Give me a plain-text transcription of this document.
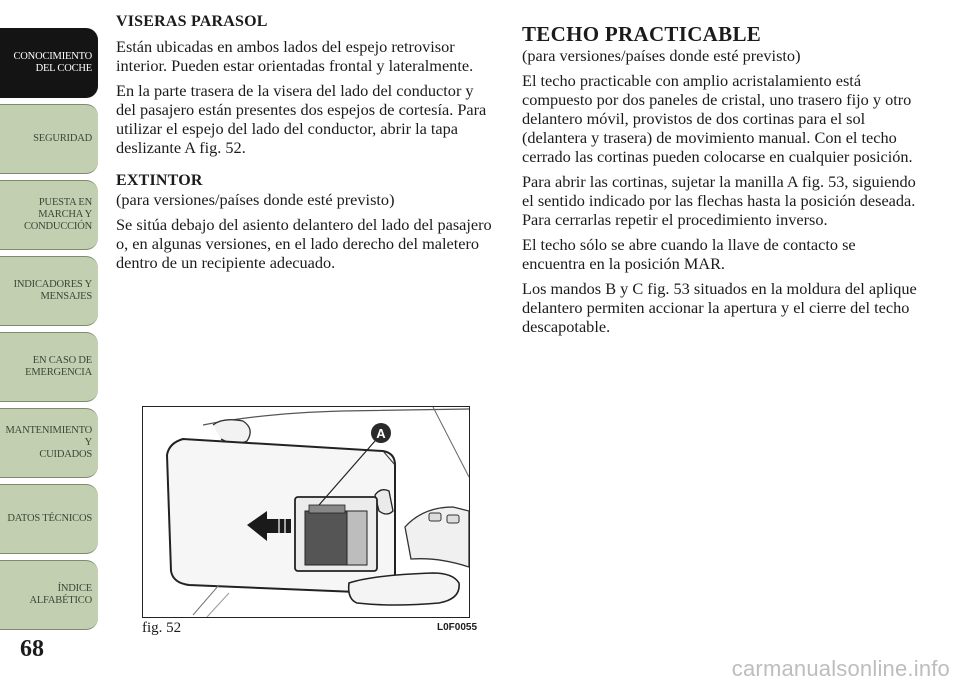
CONOCIMIENTO
DEL COCHE
SEGURIDAD
PUESTA EN
MARCHA Y
CONDUCCIÓN
INDICADORES Y
MENSAJES
EN CASO DE
EMERGENCIA
MANTENIMIENTO Y
CUIDADOS
DATOS TÉCNICOS
ÍNDICE
ALFABÉTICO
68
VISERAS PARASOL

Están ubicadas en ambos lados del espejo retrovisor interior. Pueden estar orientadas frontal y lateralmente.

En la parte trasera de la visera del lado del conductor y del pasajero están presentes dos espejos de cortesía. Para utilizar el espejo del lado del conductor, abrir la tapa deslizante A fig. 52.

EXTINTOR

(para versiones/países donde esté previsto)

Se sitúa debajo del asiento delantero del lado del pasajero o, en algunas versiones, en el lado derecho del maletero dentro de un recipiente adecuado.

TECHO PRACTICABLE

(para versiones/países donde esté previsto)

El techo practicable con amplio acristalamiento está compuesto por dos paneles de cristal, uno trasero fijo y otro delantero móvil, provistos de dos cortinas para el sol (delantera y trasera) de movimiento manual. Con el techo cerrado las cortinas pueden colocarse en cualquier posición.

Para abrir las cortinas, sujetar la manilla A fig. 53, siguiendo el sentido indicado por las flechas hasta la posición deseada. Para cerrarlas repetir el procedimiento inverso.

El techo sólo se abre cuando la llave de contacto se encuentra en la posición MAR.

Los mandos B y C fig. 53 situados en la moldura del aplique delantero permiten accionar la apertura y el cierre del techo descapotable.

A
fig. 52	L0F0055
carmanualsonline.info
